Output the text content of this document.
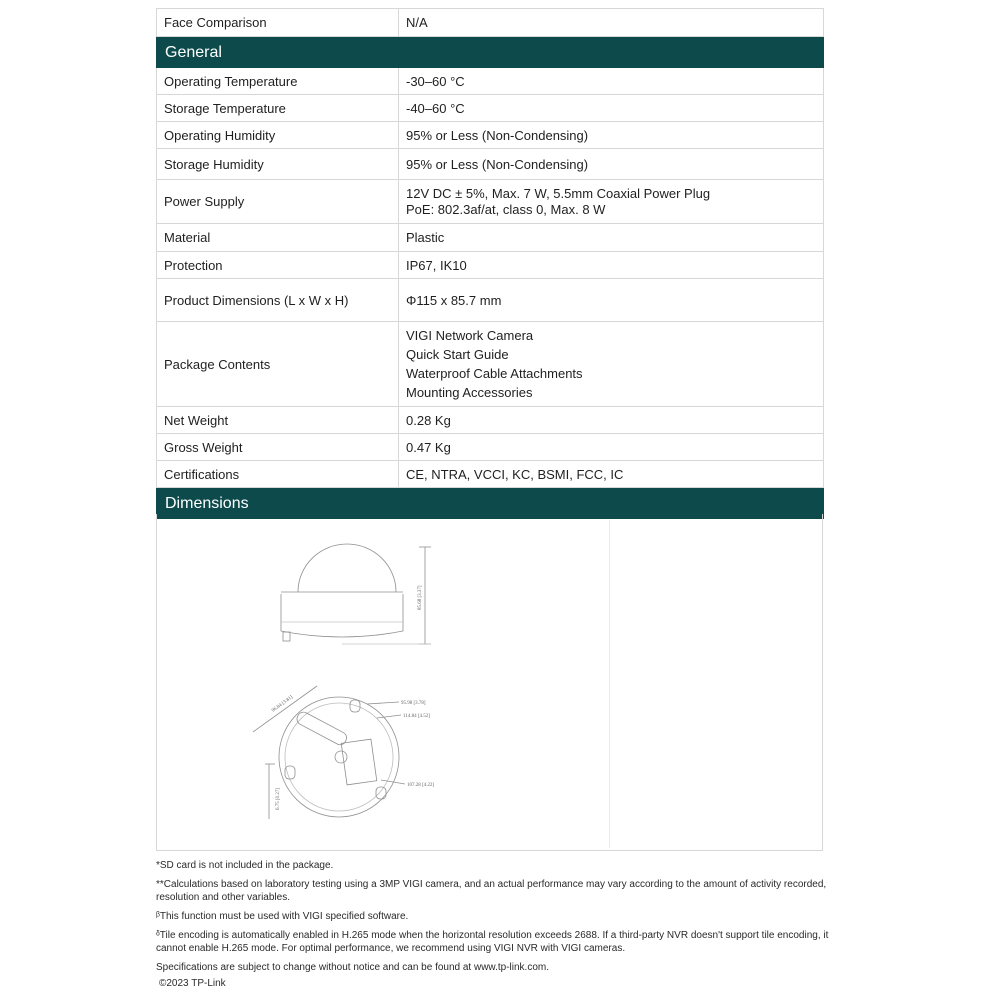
Face Comparison	N/A
General	
Operating Temperature	-30–60 °C
Storage Temperature	-40–60 °C
Operating Humidity	95% or Less (Non-Condensing)
Storage Humidity	95% or Less (Non-Condensing)
Power Supply	12V DC ± 5%, Max. 7 W, 5.5mm Coaxial Power Plug
PoE: 802.3af/at, class 0, Max. 8 W

Material	Plastic
Protection	IP67, IK10
Product Dimensions (L x W x H)	Φ115 x 85.7 mm
Package Contents	VIGI Network Camera
Quick Start Guide
Waterproof Cable Attachments
Mounting Accessories

Net Weight	0.28 Kg
Gross Weight	0.47 Kg
Certifications	CE, NTRA, VCCI, KC, BSMI, FCC, IC
Dimensions	
85.68 [3.37]
96.84 [3.81]	95.98 [3.78]
114.84 [4.52]
107.28 [4.22]
6.75 [0.27]

*SD card is not included in the package.

**Calculations based on laboratory testing using a 3MP VIGI camera, and an actual performance may vary according to the amount of activity recorded, resolution and other variables.

ᵝThis function must be used with VIGI specified software.

ᵟTile encoding is automatically enabled in H.265 mode when the horizontal resolution exceeds 2688. If a third-party NVR doesn't support tile encoding, it cannot enable H.265 mode. For optimal performance, we recommend using VIGI NVR with VIGI cameras.

Specifications are subject to change without notice and can be found at www.tp-link.com.

©2023 TP-Link
